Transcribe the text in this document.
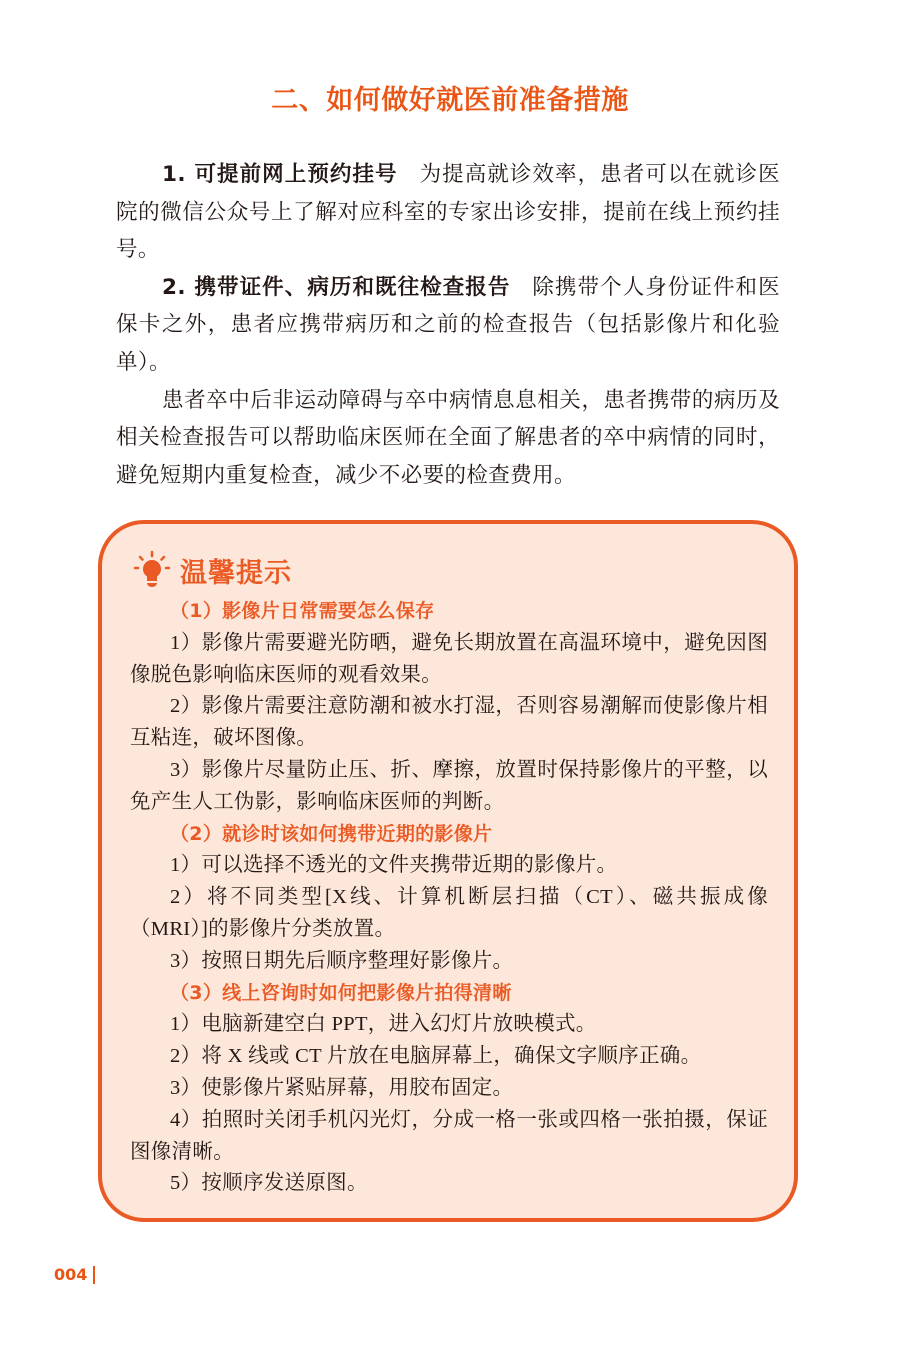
二、如何做好就医前准备措施

1. 可提前网上预约挂号 为提高就诊效率，患者可以在就诊医院的微信公众号上了解对应科室的专家出诊安排，提前在线上预约挂号。

2. 携带证件、病历和既往检查报告 除携带个人身份证件和医保卡之外，患者应携带病历和之前的检查报告（包括影像片和化验单）。

患者卒中后非运动障碍与卒中病情息息相关，患者携带的病历及相关检查报告可以帮助临床医师在全面了解患者的卒中病情的同时，避免短期内重复检查，减少不必要的检查费用。

温馨提示
（1）影像片日常需要怎么保存
1）影像片需要避光防晒，避免长期放置在高温环境中，避免因图像脱色影响临床医师的观看效果。
2）影像片需要注意防潮和被水打湿，否则容易潮解而使影像片相互粘连，破坏图像。
3）影像片尽量防止压、折、摩擦，放置时保持影像片的平整，以免产生人工伪影，影响临床医师的判断。
（2）就诊时该如何携带近期的影像片
1）可以选择不透光的文件夹携带近期的影像片。
2）将不同类型[X线、计算机断层扫描（CT）、磁共振成像（MRI）]的影像片分类放置。
3）按照日期先后顺序整理好影像片。
（3）线上咨询时如何把影像片拍得清晰
1）电脑新建空白 PPT，进入幻灯片放映模式。
2）将 X 线或 CT 片放在电脑屏幕上，确保文字顺序正确。
3）使影像片紧贴屏幕，用胶布固定。
4）拍照时关闭手机闪光灯，分成一格一张或四格一张拍摄，保证图像清晰。
5）按顺序发送原图。
004
